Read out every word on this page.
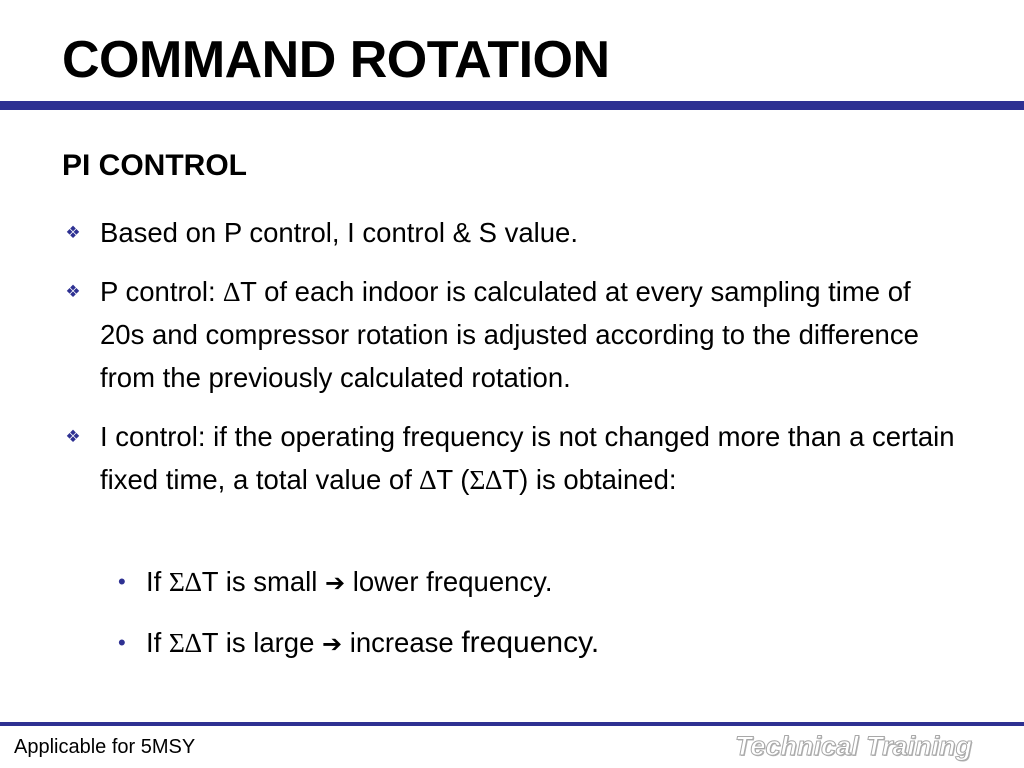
COMMAND ROTATION
PI CONTROL
❖ Based on P control, I control & S value.
❖ P control: ∆T of each indoor is calculated at every sampling time of 20s and compressor rotation is adjusted according to the difference from the previously calculated rotation.
❖ I control: if the operating frequency is not changed more than a certain fixed time, a total value of ∆T (Σ∆T) is obtained:
• If Σ∆T is small ➔ lower frequency.
• If Σ∆T is large ➔ increase frequency.
Applicable for 5MSY	Technical Training
